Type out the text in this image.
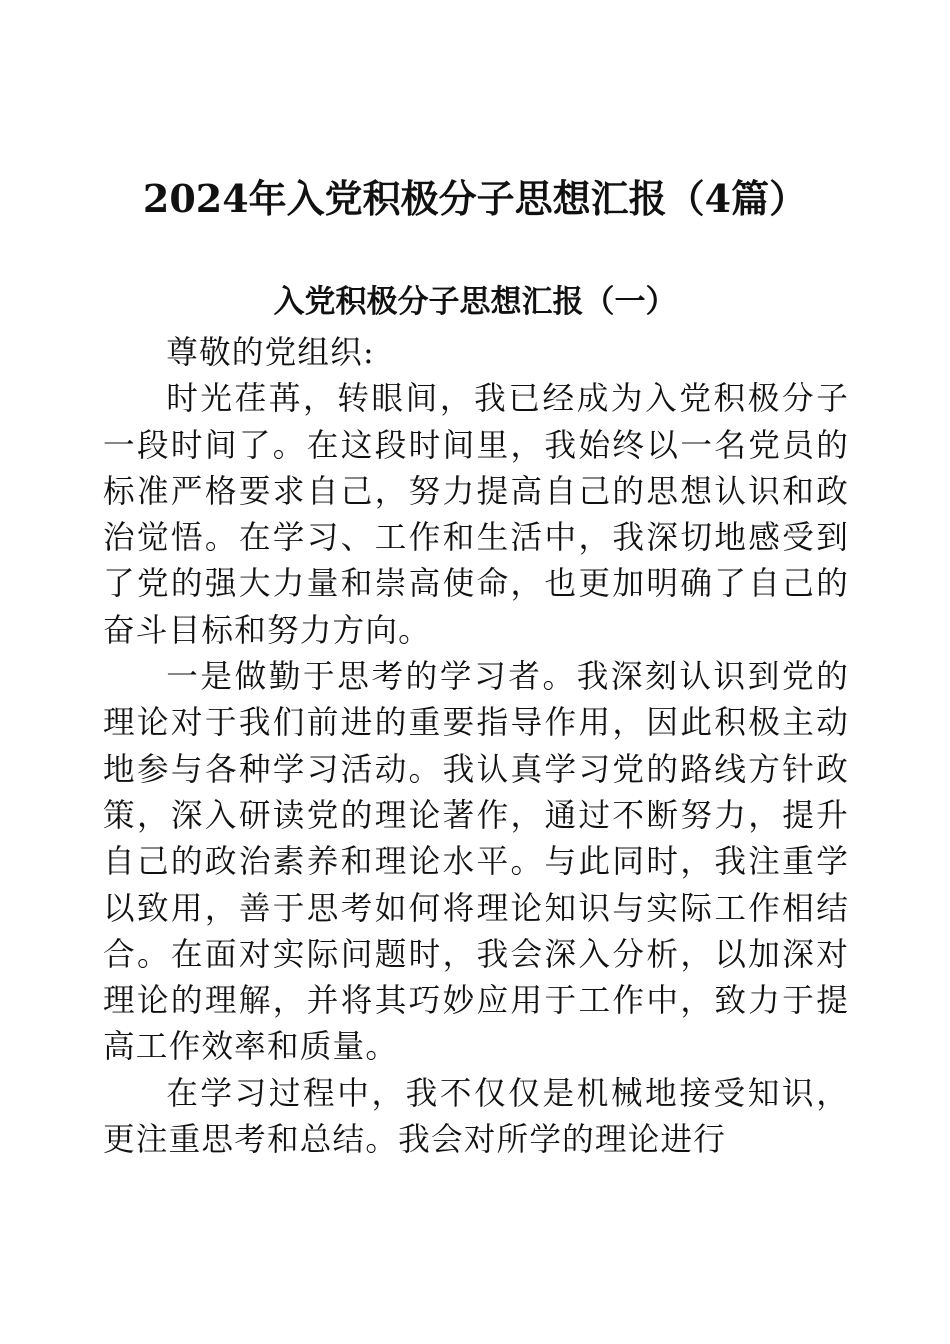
2024年入党积极分子思想汇报（4篇）
入党积极分子思想汇报（一）

尊敬的党组织:

时光荏苒，转眼间，我已经成为入党积极分子一段时间了。在这段时间里，我始终以一名党员的标准严格要求自己，努力提高自己的思想认识和政治觉悟。在学习、工作和生活中，我深切地感受到了党的强大力量和崇高使命，也更加明确了自己的奋斗目标和努力方向。

一是做勤于思考的学习者。我深刻认识到党的理论对于我们前进的重要指导作用，因此积极主动地参与各种学习活动。我认真学习党的路线方针政策，深入研读党的理论著作，通过不断努力，提升自己的政治素养和理论水平。与此同时，我注重学以致用，善于思考如何将理论知识与实际工作相结合。在面对实际问题时，我会深入分析，以加深对理论的理解，并将其巧妙应用于工作中，致力于提高工作效率和质量。

在学习过程中，我不仅仅是机械地接受知识，更注重思考和总结。我会对所学的理论进行
